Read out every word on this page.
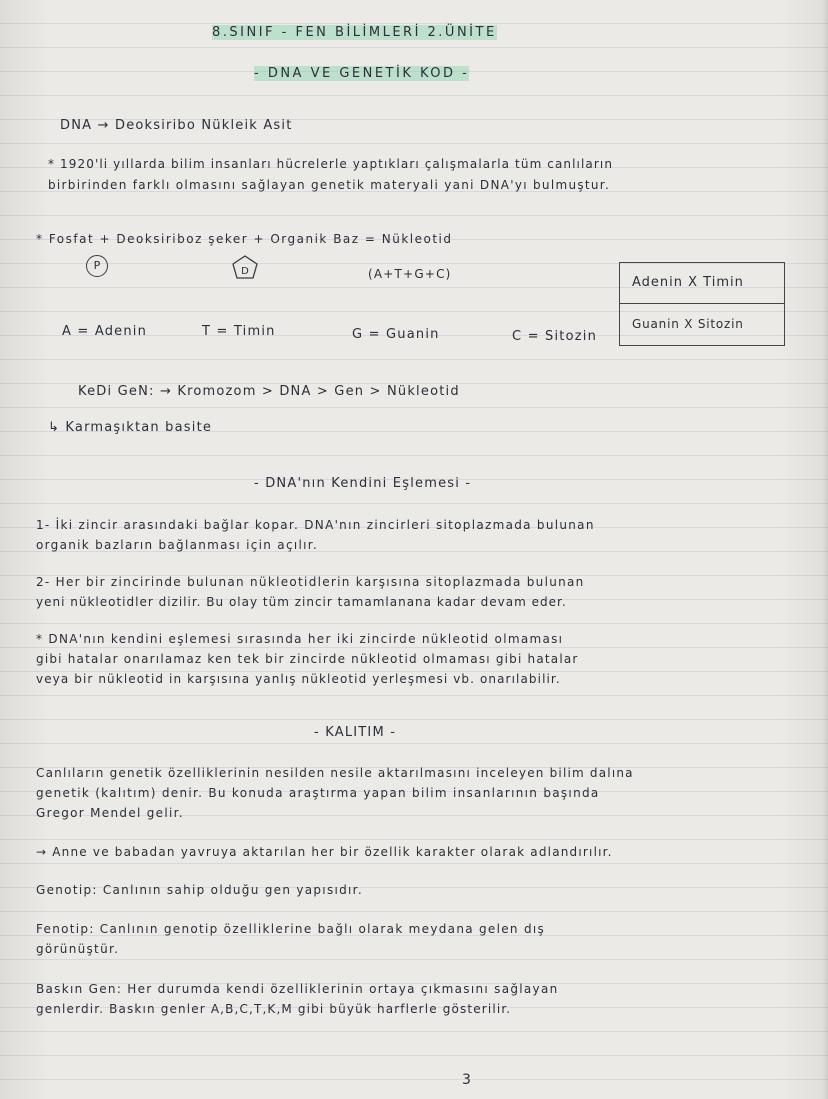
8.SINIF - FEN BİLİMLERİ 2.ÜNİTE
- DNA VE GENETİK KOD -
DNA → Deoksiribo Nükleik Asit
* 1920'li yıllarda bilim insanları hücrelerle yaptıkları çalışmalarla tüm canlıların
birbirinden farklı olmasını sağlayan genetik materyali yani DNA'yı bulmuştur.
* Fosfat + Deoksiriboz şeker + Organik Baz = Nükleotid
P	D	(A+T+G+C)
Adenin X Timin
Guanin X Sitozin
A = Adenin	T = Timin	G = Guanin	C = Sitozin
KeDi GeN: → Kromozom > DNA > Gen > Nükleotid
↳ Karmaşıktan basite
- DNA'nın Kendini Eşlemesi -
1- İki zincir arasındaki bağlar kopar. DNA'nın zincirleri sitoplazmada bulunan
organik bazların bağlanması için açılır.
2- Her bir zincirinde bulunan nükleotidlerin karşısına sitoplazmada bulunan
yeni nükleotidler dizilir. Bu olay tüm zincir tamamlanana kadar devam eder.
* DNA'nın kendini eşlemesi sırasında her iki zincirde nükleotid olmaması
gibi hatalar onarılamaz ken tek bir zincirde nükleotid olmaması gibi hatalar
veya bir nükleotid in karşısına yanlış nükleotid yerleşmesi vb. onarılabilir.
- KALITIM -
Canlıların genetik özelliklerinin nesilden nesile aktarılmasını inceleyen bilim dalına
genetik (kalıtım) denir. Bu konuda araştırma yapan bilim insanlarının başında
Gregor Mendel gelir.
→ Anne ve babadan yavruya aktarılan her bir özellik karakter olarak adlandırılır.
Genotip: Canlının sahip olduğu gen yapısıdır.
Fenotip: Canlının genotip özelliklerine bağlı olarak meydana gelen dış
görünüştür.
Baskın Gen: Her durumda kendi özelliklerinin ortaya çıkmasını sağlayan
genlerdir. Baskın genler A,B,C,T,K,M gibi büyük harflerle gösterilir.
3
